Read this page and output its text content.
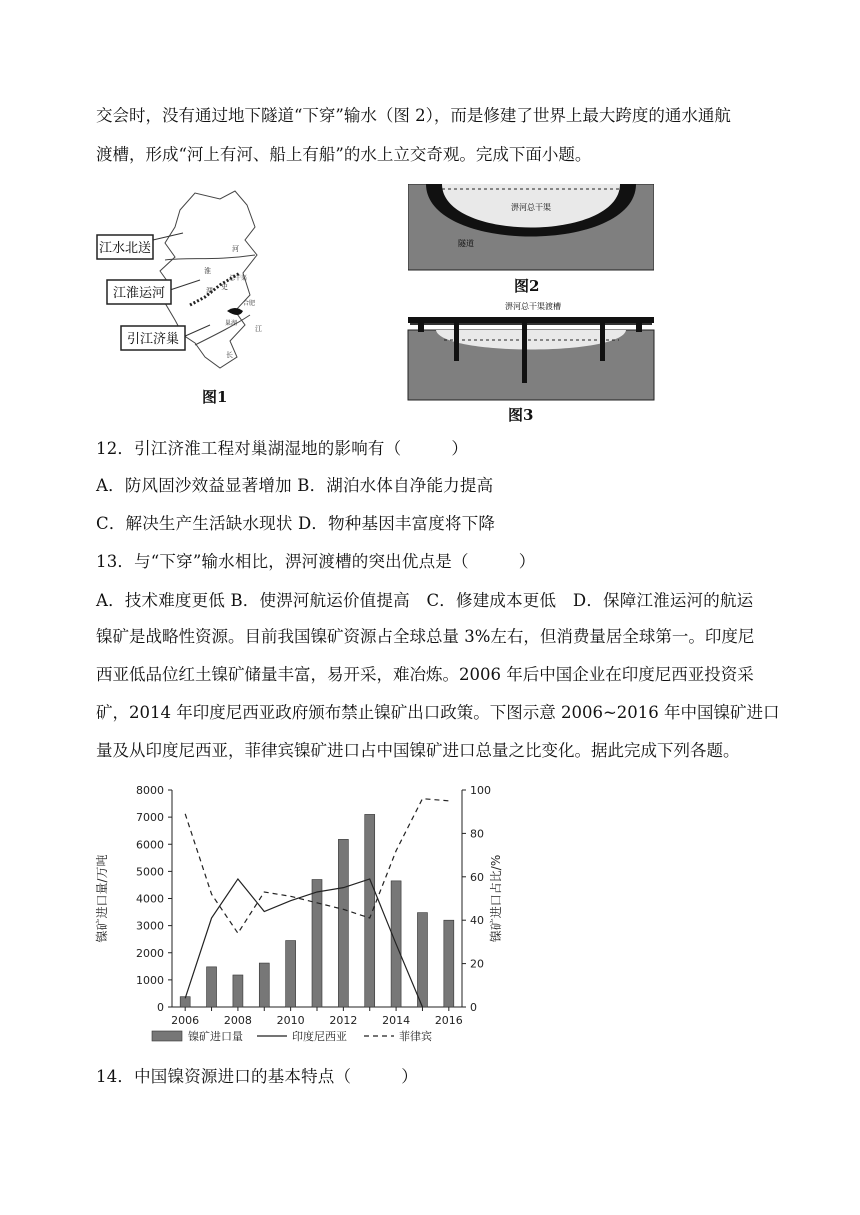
交会时，没有通过地下隧道“下穿”输水（图 2），而是修建了世界上最大跨度的通水通航
渡槽，形成“河上有河、船上有船”的水上立交奇观。完成下面小题。
江水北送
江淮运河
引江济巢
河
淮
淠 史
总干渠
合肥
巢湖
江
长
图1
淠河总干渠
隧道
图2
淠河总干渠渡槽
图3
12．引江济淮工程对巢湖湿地的影响有（　　　）
A．防风固沙效益显著增加 B．湖泊水体自净能力提高
C．解决生产生活缺水现状 D．物种基因丰富度将下降
13．与“下穿”输水相比，淠河渡槽的突出优点是（　　　）
A．技术难度更低 B．使淠河航运价值提高　C．修建成本更低　D．保障江淮运河的航运
镍矿是战略性资源。目前我国镍矿资源占全球总量 3%左右，但消费量居全球第一。印度尼
西亚低品位红土镍矿储量丰富，易开采，难冶炼。2006 年后中国企业在印度尼西亚投资采
矿，2014 年印度尼西亚政府颁布禁止镍矿出口政策。下图示意 2006~2016 年中国镍矿进口
量及从印度尼西亚，菲律宾镍矿进口占中国镍矿进口总量之比变化。据此完成下列各题。
0
1000
2000
3000
4000
5000
6000
7000
8000
0
20
40
60
80
100
2006 2008 2010 2012 2014 2016
镍矿进口量/万吨	镍矿进口占比/%
镍矿进口量	印度尼西亚	菲律宾
14．中国镍资源进口的基本特点（　　　）
